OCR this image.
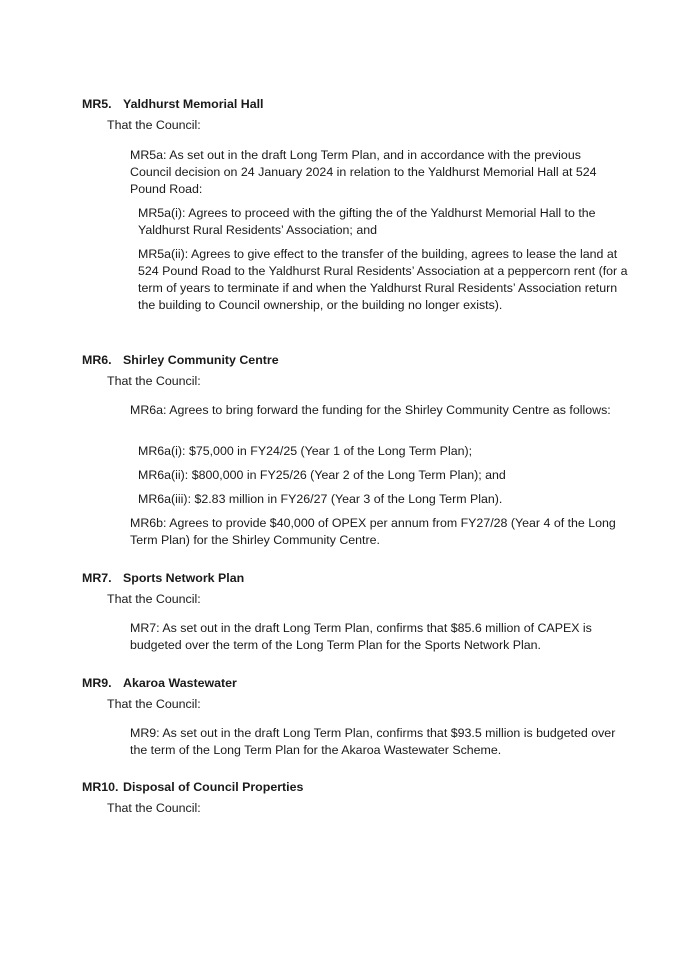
MR5. Yaldhurst Memorial Hall
That the Council:
MR5a: As set out in the draft Long Term Plan, and in accordance with the previous Council decision on 24 January 2024 in relation to the Yaldhurst Memorial Hall at 524 Pound Road:
MR5a(i): Agrees to proceed with the gifting the of the Yaldhurst Memorial Hall to the Yaldhurst Rural Residents’ Association; and
MR5a(ii): Agrees to give effect to the transfer of the building, agrees to lease the land at 524 Pound Road to the Yaldhurst Rural Residents’ Association at a peppercorn rent (for a term of years to terminate if and when the Yaldhurst Rural Residents’ Association return the building to Council ownership, or the building no longer exists).
MR6. Shirley Community Centre
That the Council:
MR6a: Agrees to bring forward the funding for the Shirley Community Centre as follows:
MR6a(i): $75,000 in FY24/25 (Year 1 of the Long Term Plan);
MR6a(ii): $800,000 in FY25/26 (Year 2 of the Long Term Plan); and
MR6a(iii): $2.83 million in FY26/27 (Year 3 of the Long Term Plan).
MR6b: Agrees to provide $40,000 of OPEX per annum from FY27/28 (Year 4 of the Long Term Plan) for the Shirley Community Centre.
MR7. Sports Network Plan
That the Council:
MR7: As set out in the draft Long Term Plan, confirms that $85.6 million of CAPEX is budgeted over the term of the Long Term Plan for the Sports Network Plan.
MR9. Akaroa Wastewater
That the Council:
MR9: As set out in the draft Long Term Plan, confirms that $93.5 million is budgeted over the term of the Long Term Plan for the Akaroa Wastewater Scheme.
MR10. Disposal of Council Properties
That the Council:
